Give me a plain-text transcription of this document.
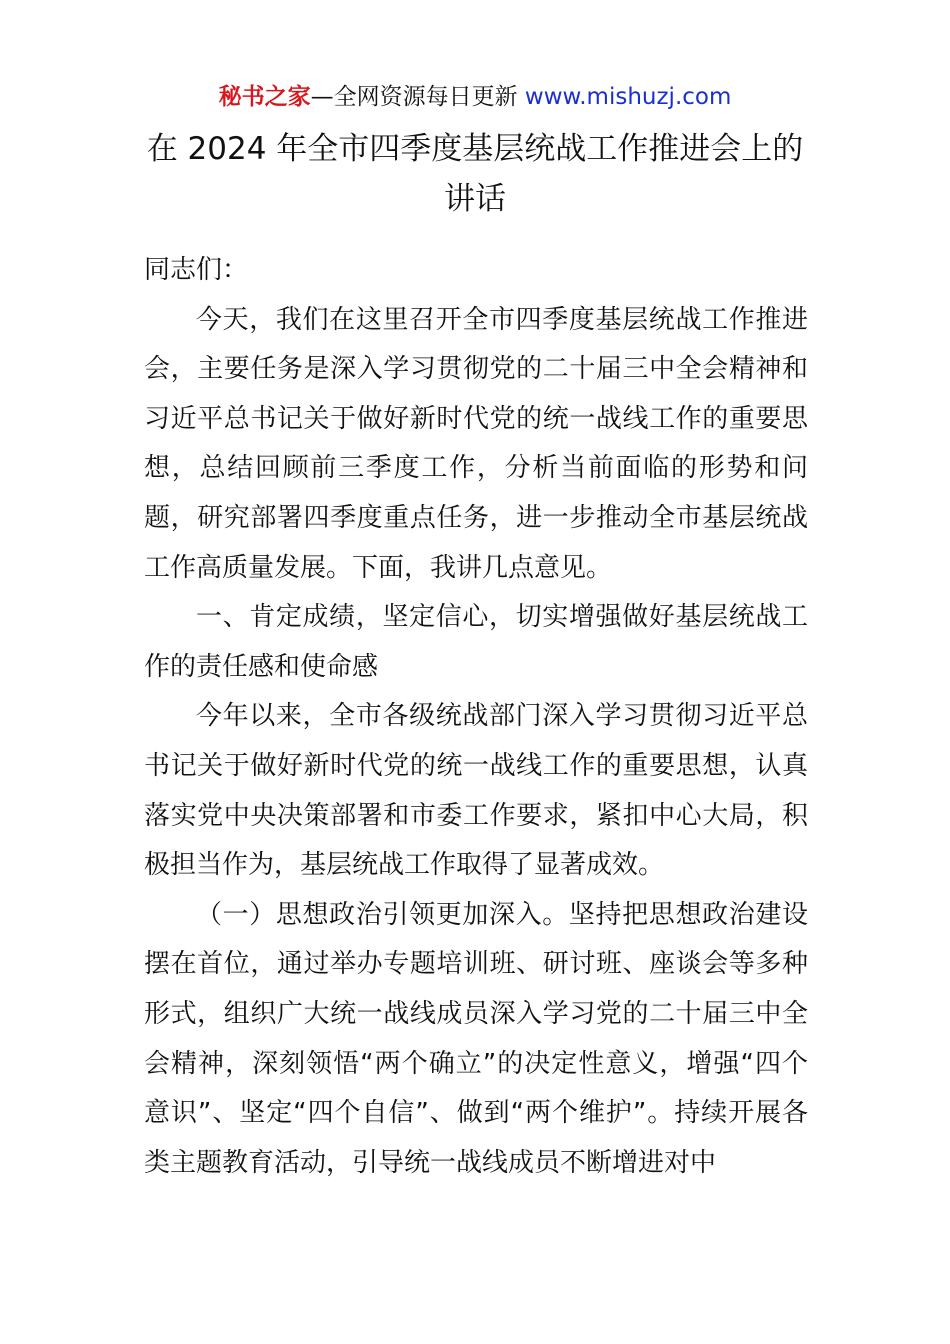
秘书之家—全网资源每日更新 www.mishuzj.com
在 2024 年全市四季度基层统战工作推进会上的讲话

同志们：

今天，我们在这里召开全市四季度基层统战工作推进会，主要任务是深入学习贯彻党的二十届三中全会精神和习近平总书记关于做好新时代党的统一战线工作的重要思想，总结回顾前三季度工作，分析当前面临的形势和问题，研究部署四季度重点任务，进一步推动全市基层统战工作高质量发展。下面，我讲几点意见。

一、肯定成绩，坚定信心，切实增强做好基层统战工作的责任感和使命感

今年以来，全市各级统战部门深入学习贯彻习近平总书记关于做好新时代党的统一战线工作的重要思想，认真落实党中央决策部署和市委工作要求，紧扣中心大局，积极担当作为，基层统战工作取得了显著成效。

（一）思想政治引领更加深入。坚持把思想政治建设摆在首位，通过举办专题培训班、研讨班、座谈会等多种形式，组织广大统一战线成员深入学习党的二十届三中全会精神，深刻领悟“两个确立”的决定性意义，增强“四个意识”、坚定“四个自信”、做到“两个维护”。持续开展各类主题教育活动，引导统一战线成员不断增进对中
